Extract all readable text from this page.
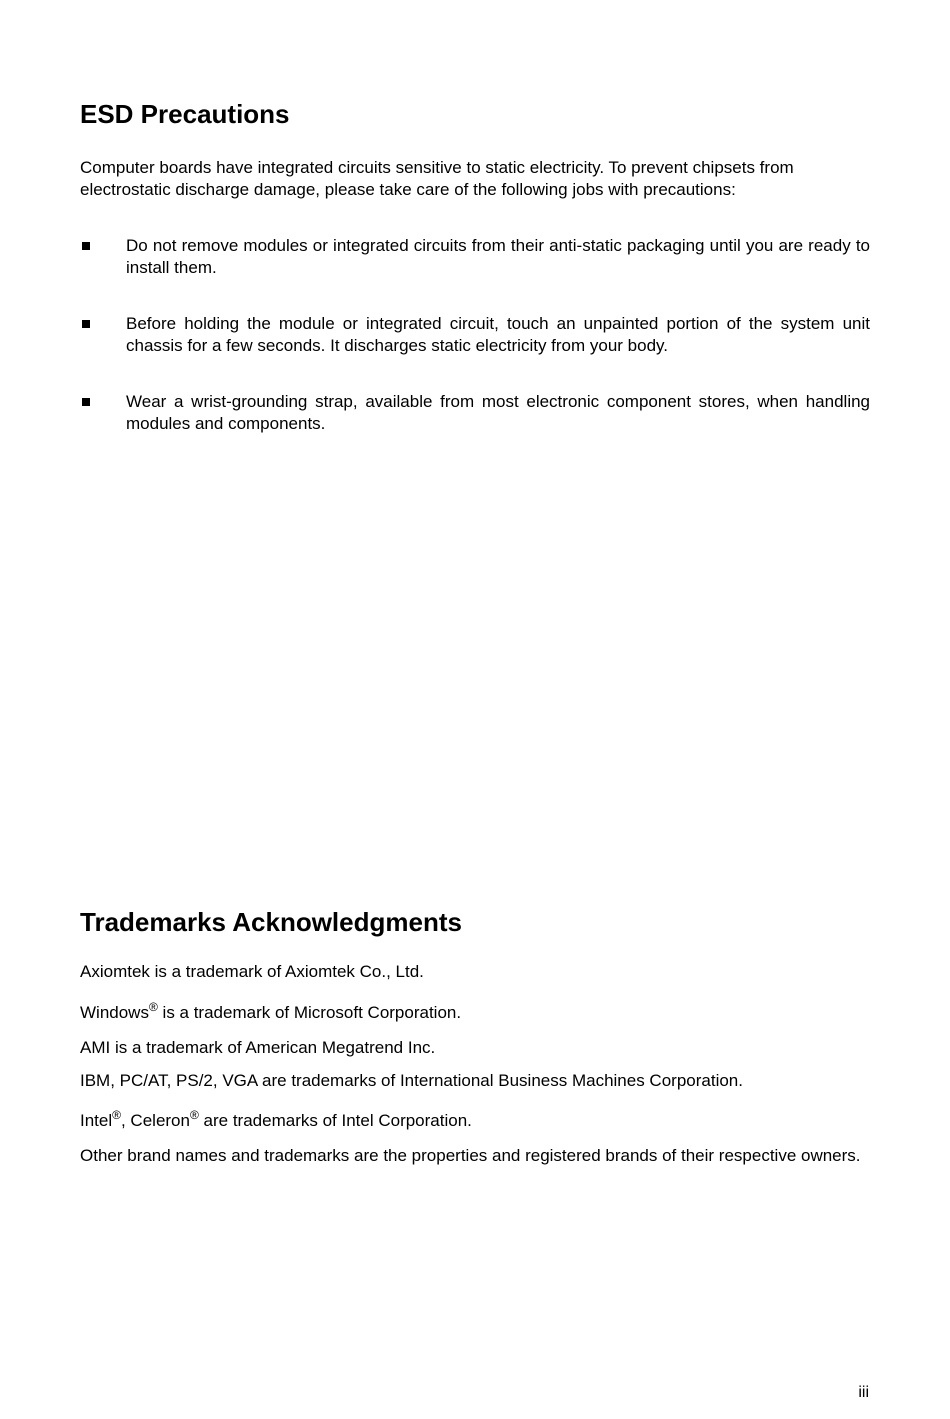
ESD Precautions

Computer boards have integrated circuits sensitive to static electricity. To prevent chipsets from electrostatic discharge damage, please take care of the following jobs with precautions:

Do not remove modules or integrated circuits from their anti-static packaging until you are ready to install them.

Before holding the module or integrated circuit, touch an unpainted portion of the system unit chassis for a few seconds. It discharges static electricity from your body.

Wear a wrist-grounding strap, available from most electronic component stores, when handling modules and components.

Trademarks Acknowledgments

Axiomtek is a trademark of Axiomtek Co., Ltd.

Windows® is a trademark of Microsoft Corporation.

AMI is a trademark of American Megatrend Inc.

IBM, PC/AT, PS/2, VGA are trademarks of International Business Machines Corporation.

Intel®, Celeron® are trademarks of Intel Corporation.

Other brand names and trademarks are the properties and registered brands of their respective owners.

iii
